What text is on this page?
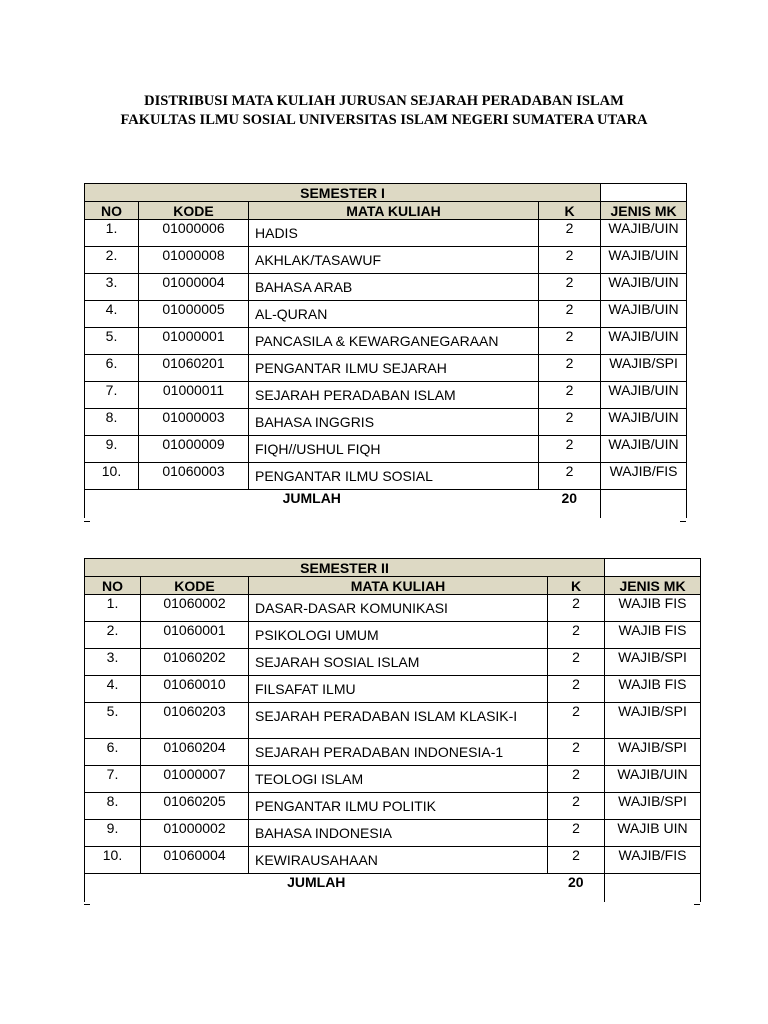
DISTRIBUSI MATA KULIAH JURUSAN SEJARAH PERADABAN ISLAM
FAKULTAS ILMU SOSIAL UNIVERSITAS ISLAM NEGERI SUMATERA UTARA
SEMESTER I				
NO	KODE	MATA KULIAH	K	JENIS MK
1.	01000006	HADIS	2	WAJIB/UIN
2.	01000008	AKHLAK/TASAWUF	2	WAJIB/UIN
3.	01000004	BAHASA ARAB	2	WAJIB/UIN
4.	01000005	AL-QURAN	2	WAJIB/UIN
5.	01000001	PANCASILA & KEWARGANEGARAAN	2	WAJIB/UIN
6.	01060201	PENGANTAR ILMU SEJARAH	2	WAJIB/SPI
7.	01000011	SEJARAH PERADABAN ISLAM	2	WAJIB/UIN
8.	01000003	BAHASA INGGRIS	2	WAJIB/UIN
9.	01000009	FIQH//USHUL FIQH	2	WAJIB/UIN
10.	01060003	PENGANTAR ILMU SOSIAL	2	WAJIB/FIS
JUMLAH			20	
SEMESTER II				
NO	KODE	MATA KULIAH	K	JENIS MK
1.	01060002	DASAR-DASAR KOMUNIKASI	2	WAJIB FIS
2.	01060001	PSIKOLOGI UMUM	2	WAJIB FIS
3.	01060202	SEJARAH SOSIAL ISLAM	2	WAJIB/SPI
4.	01060010	FILSAFAT ILMU	2	WAJIB FIS
5.	01060203	SEJARAH PERADABAN ISLAM KLASIK-I	2	WAJIB/SPI
6.	01060204	SEJARAH PERADABAN INDONESIA-1	2	WAJIB/SPI
7.	01000007	TEOLOGI ISLAM	2	WAJIB/UIN
8.	01060205	PENGANTAR ILMU POLITIK	2	WAJIB/SPI
9.	01000002	BAHASA INDONESIA	2	WAJIB UIN
10.	01060004	KEWIRAUSAHAAN	2	WAJIB/FIS
JUMLAH			20	
